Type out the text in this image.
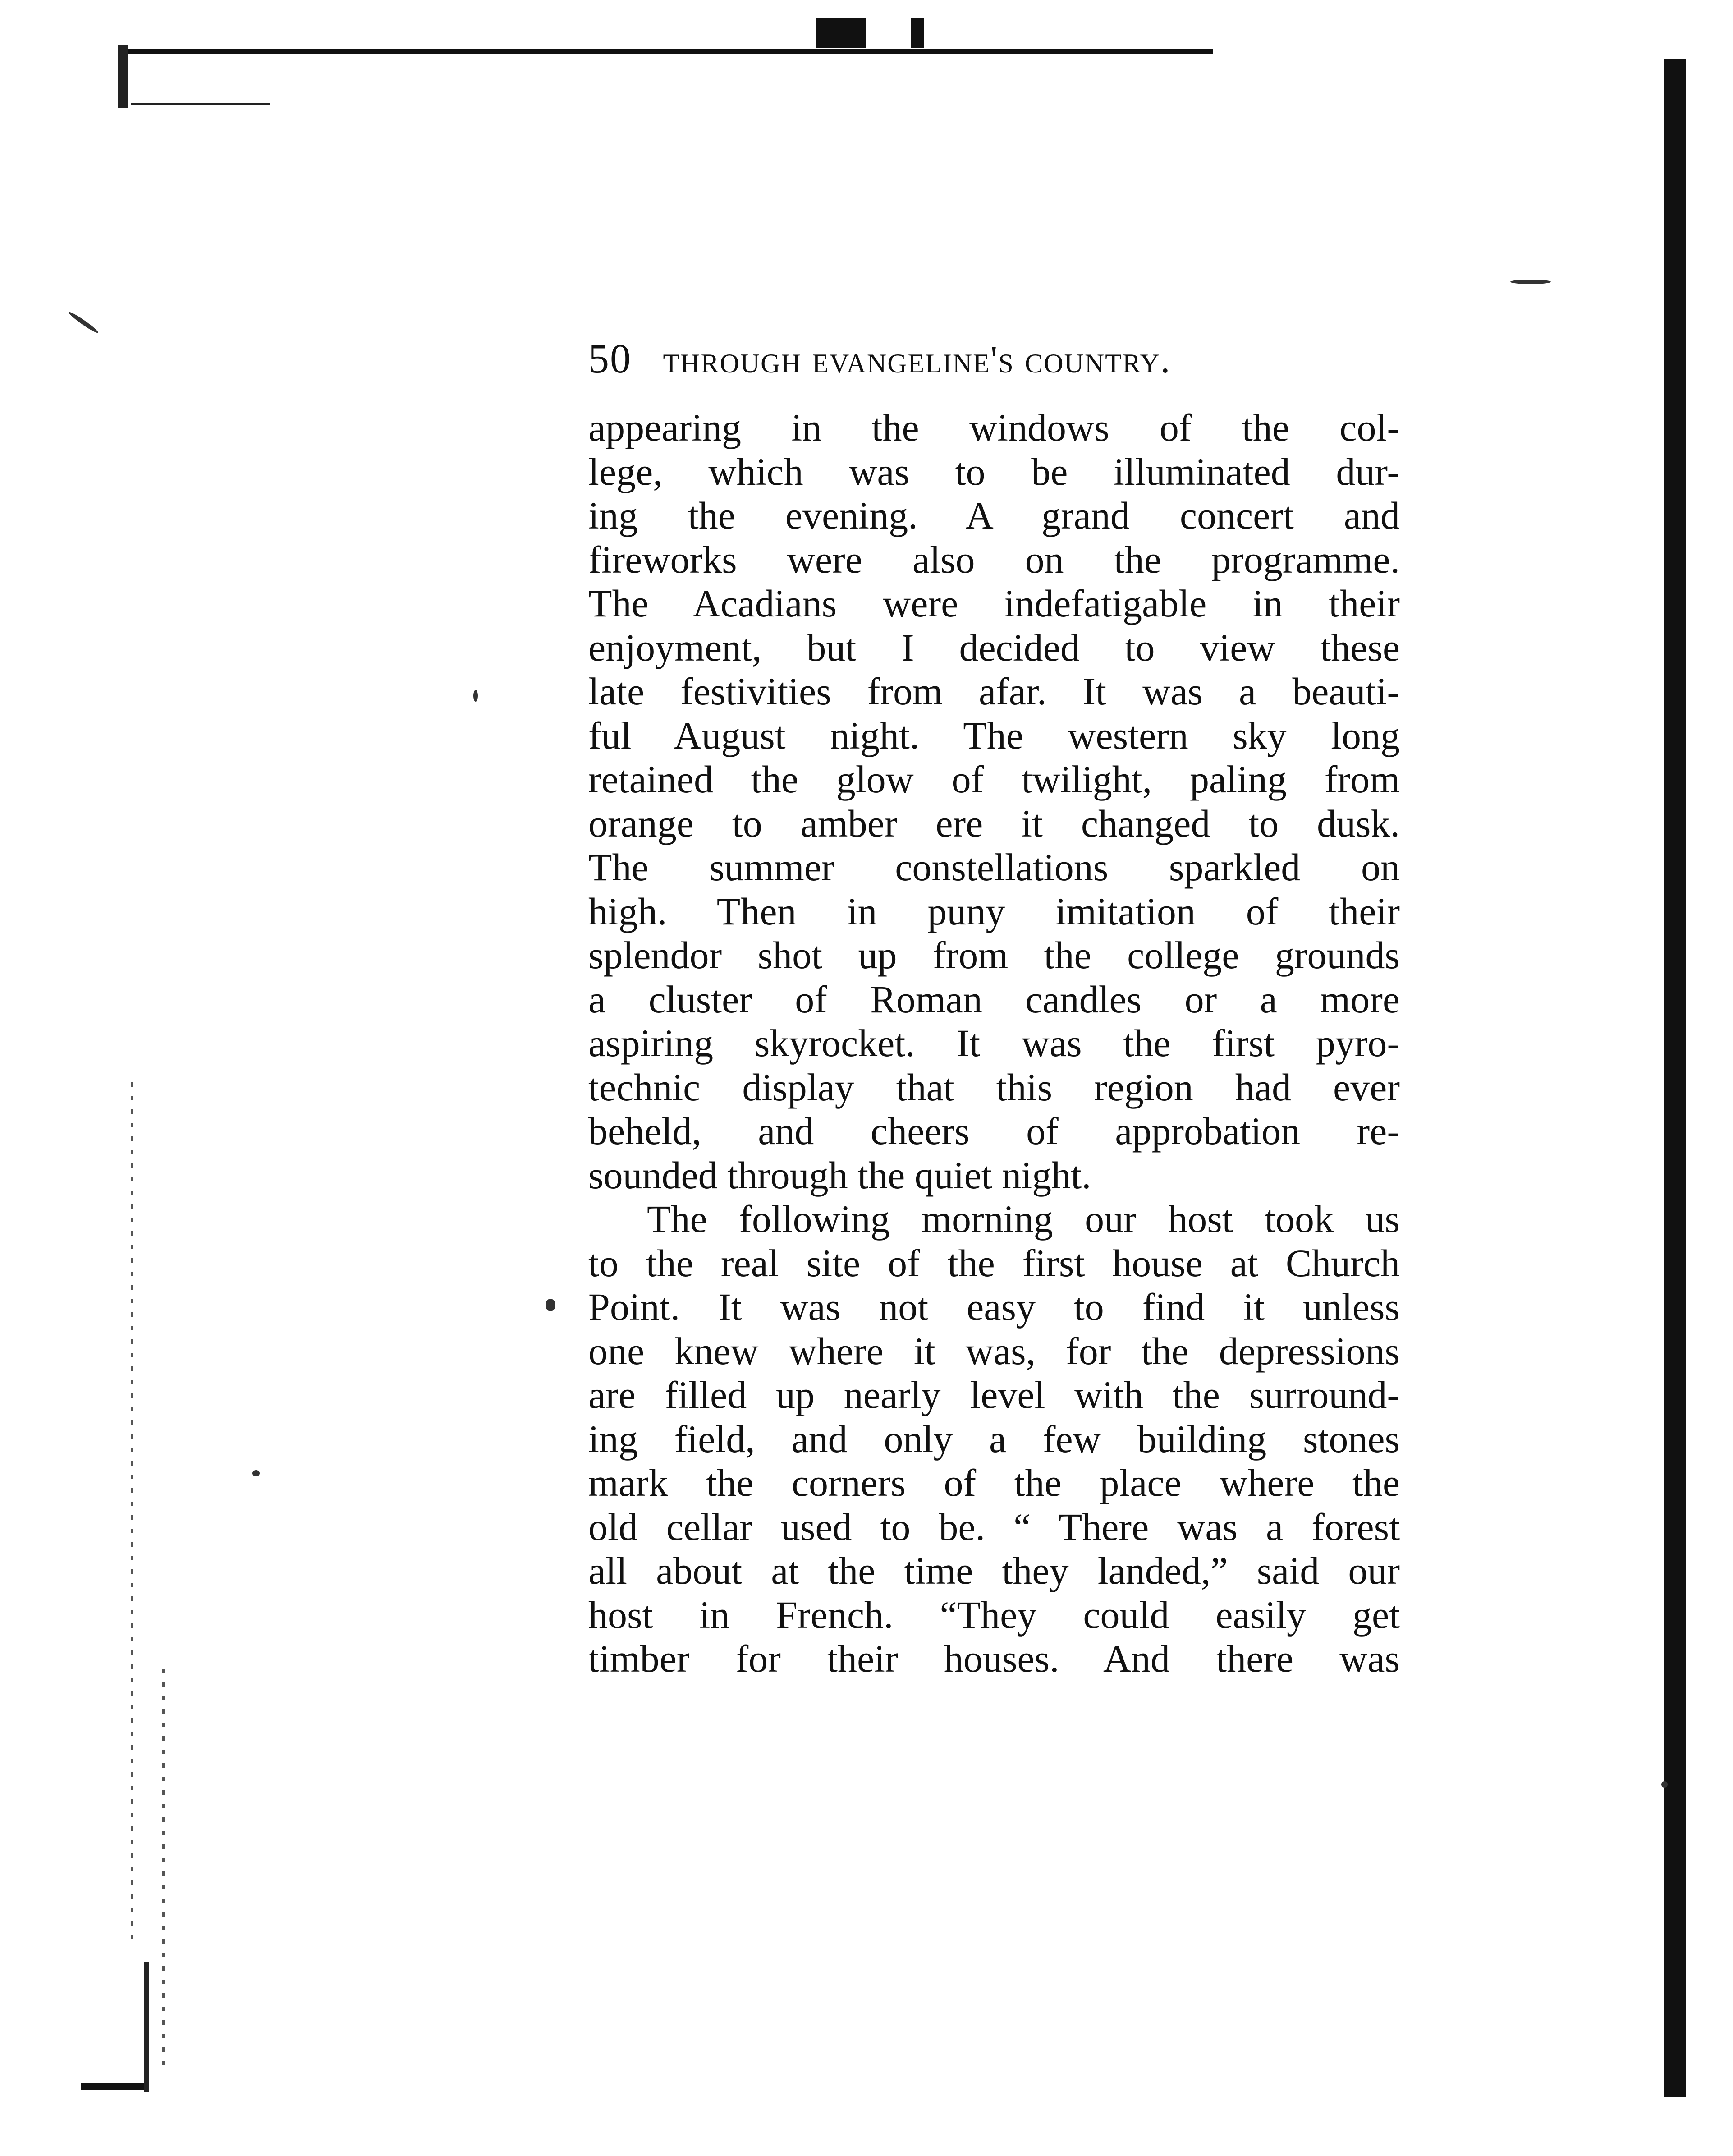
50 through evangeline's country.
appearing in the windows of the col-
lege, which was to be illuminated dur-
ing the evening. A grand concert and
fireworks were also on the programme.
The Acadians were indefatigable in their
enjoyment, but I decided to view these
late festivities from afar. It was a beauti-
ful August night. The western sky long
retained the glow of twilight, paling from
orange to amber ere it changed to dusk.
The summer constellations sparkled on
high. Then in puny imitation of their
splendor shot up from the college grounds
a cluster of Roman candles or a more
aspiring skyrocket. It was the first pyro-
technic display that this region had ever
beheld, and cheers of approbation re-
sounded through the quiet night.
The following morning our host took us
to the real site of the first house at Church
Point. It was not easy to find it unless
one knew where it was, for the depressions
are filled up nearly level with the surround-
ing field, and only a few building stones
mark the corners of the place where the
old cellar used to be. “ There was a forest
all about at the time they landed,” said our
host in French. “They could easily get
timber for their houses. And there was
